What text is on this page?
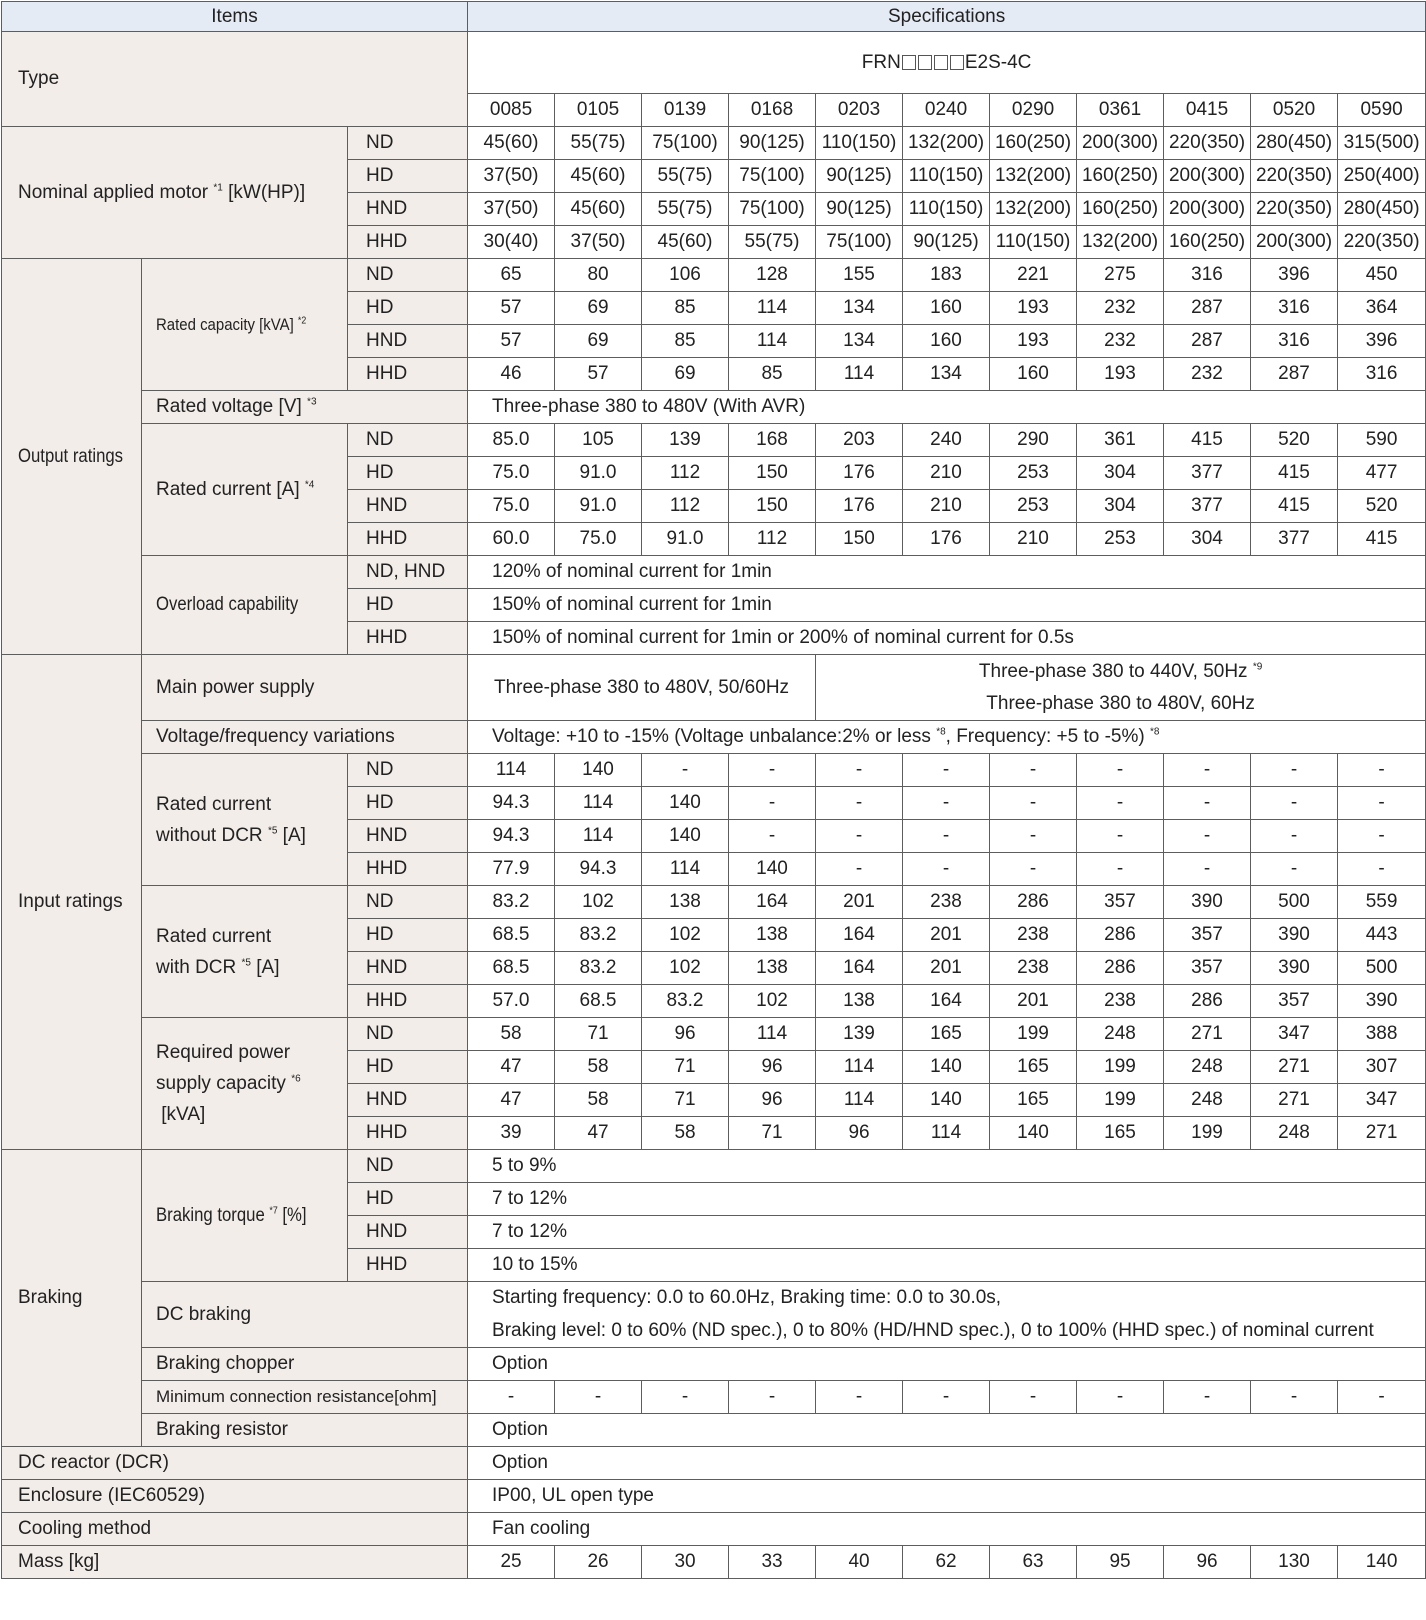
Items			Specifications										
Type			FRN E2S-4C										
			0085	0105	0139	0168	0203	0240	0290	0361	0415	0520	0590
Nominal applied motor $^{*1}$ [kW(HP)]		ND	45(60)	55(75)	75(100)	90(125)	110(150)	132(200)	160(250)	200(300)	220(350)	280(450)	315(500)
		HD	37(50)	45(60)	55(75)	75(100)	90(125)	110(150)	132(200)	160(250)	200(300)	220(350)	250(400)
		HND	37(50)	45(60)	55(75)	75(100)	90(125)	110(150)	132(200)	160(250)	200(300)	220(350)	280(450)
		HHD	30(40)	37(50)	45(60)	55(75)	75(100)	90(125)	110(150)	132(200)	160(250)	200(300)	220(350)
Output ratings	Rated capacity [kVA] $^{*2}$	ND	65	80	106	128	155	183	221	275	316	396	450
		HD	57	69	85	114	134	160	193	232	287	316	364
		HND	57	69	85	114	134	160	193	232	287	316	396
		HHD	46	57	69	85	114	134	160	193	232	287	316
	Rated voltage [V] $^{*3}$		Three-phase 380 to 480V (With AVR)										
	Rated current [A] $^{*4}$	ND	85.0	105	139	168	203	240	290	361	415	520	590
		HD	75.0	91.0	112	150	176	210	253	304	377	415	477
		HND	75.0	91.0	112	150	176	210	253	304	377	415	520
		HHD	60.0	75.0	91.0	112	150	176	210	253	304	377	415
	Overload capability	ND, HND	120% of nominal current for 1min										
		HD	150% of nominal current for 1min										
		HHD	150% of nominal current for 1min or 200% of nominal current for 0.5s										
Input ratings	Main power supply		Three-phase 380 to 480V, 50/60Hz				Three-phase 380 to 440V, 50Hz $^{*9}$
Three-phase 380 to 480V, 60Hz						

	Voltage/frequency variations		Voltage: +10 to -15% (Voltage unbalance:2% or less $^{*8}$, Frequency: +5 to -5%) $^{*8}$

	Rated current
without DCR $^{*5}$ [A]	ND	114	140	-	-	-	-	-	-	-	-	-
		HD	94.3	114	140	-	-	-	-	-	-	-	-
		HND	94.3	114	140	-	-	-	-	-	-	-	-
		HHD	77.9	94.3	114	140	-	-	-	-	-	-	-

	Rated current
with DCR $^{*5}$ [A]	ND	83.2	102	138	164	201	238	286	357	390	500	559
		HD	68.5	83.2	102	138	164	201	238	286	357	390	443
		HND	68.5	83.2	102	138	164	201	238	286	357	390	500
		HHD	57.0	68.5	83.2	102	138	164	201	238	286	357	390

	Required power
supply capacity $^{*6}$
[kVA]	ND	58	71	96	114	139	165	199	248	271	347	388
		HD	47	58	71	96	114	140	165	199	248	271	307
		HND	47	58	71	96	114	140	165	199	248	271	347
		HHD	39	47	58	71	96	114	140	165	199	248	271
Braking	Braking torque $^{*7}$ [%]	ND	5 to 9%										
		HD	7 to 12%										
		HND	7 to 12%										
		HHD	10 to 15%										
	DC braking		Starting frequency: 0.0 to 60.0Hz, Braking time: 0.0 to 30.0s,										
			Braking level: 0 to 60% (ND spec.), 0 to 80% (HD/HND spec.), 0 to 100% (HHD spec.) of nominal current										
	Braking chopper		Option										
	Minimum connection resistance[ohm]		-	-	-	-	-	-	-	-	-	-	-
	Braking resistor		Option										
DC reactor (DCR)			Option										
Enclosure (IEC60529)			IP00, UL open type										
Cooling method			Fan cooling										
Mass [kg]			25	26	30	33	40	62	63	95	96	130	140
